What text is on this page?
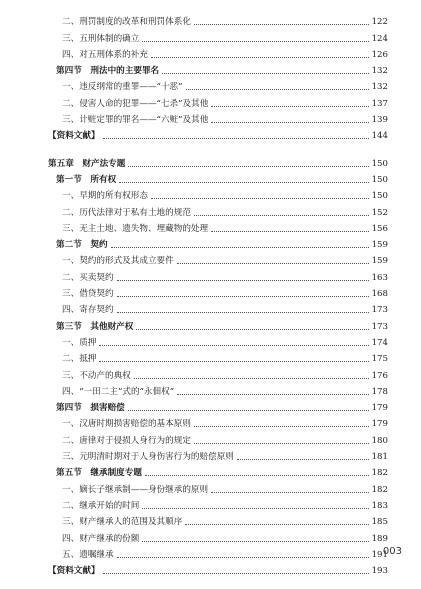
二、刑罚制度的改革和刑罚体系化	122
三、五刑体制的确立	124
四、对五刑体系的补充	126
第四节　刑法中的主要罪名	132
一、违反纲常的重罪——“十恶”	132
二、侵害人命的犯罪——“七杀”及其他	137
三、计赃定罪的罪名——“六赃”及其他	139
【资料文献】	144
第五章　财产法专题	150
第一节　所有权	150
一、早期的所有权形态	150
二、历代法律对于私有土地的规范	152
三、无主土地、遗失物、埋藏物的处理	156
第二节　契约	159
一、契约的形式及其成立要件	159
二、买卖契约	163
三、借贷契约	168
四、寄存契约	173
第三节　其他财产权	173
一、质押	174
二、抵押	175
三、不动产的典权	176
四、“一田二主”式的“永佃权”	178
第四节　损害赔偿	179
一、汉唐时期损害赔偿的基本原则	179
二、唐律对于侵损人身行为的规定	180
三、元明清时期对于人身伤害行为的赔偿原则	181
第五节　继承制度专题	182
一、嫡长子继承制——身份继承的原则	182
二、继承开始的时间	183
三、财产继承人的范围及其顺序	185
四、财产继承的份额	189
五、遗嘱继承	191
【资料文献】	193
003
